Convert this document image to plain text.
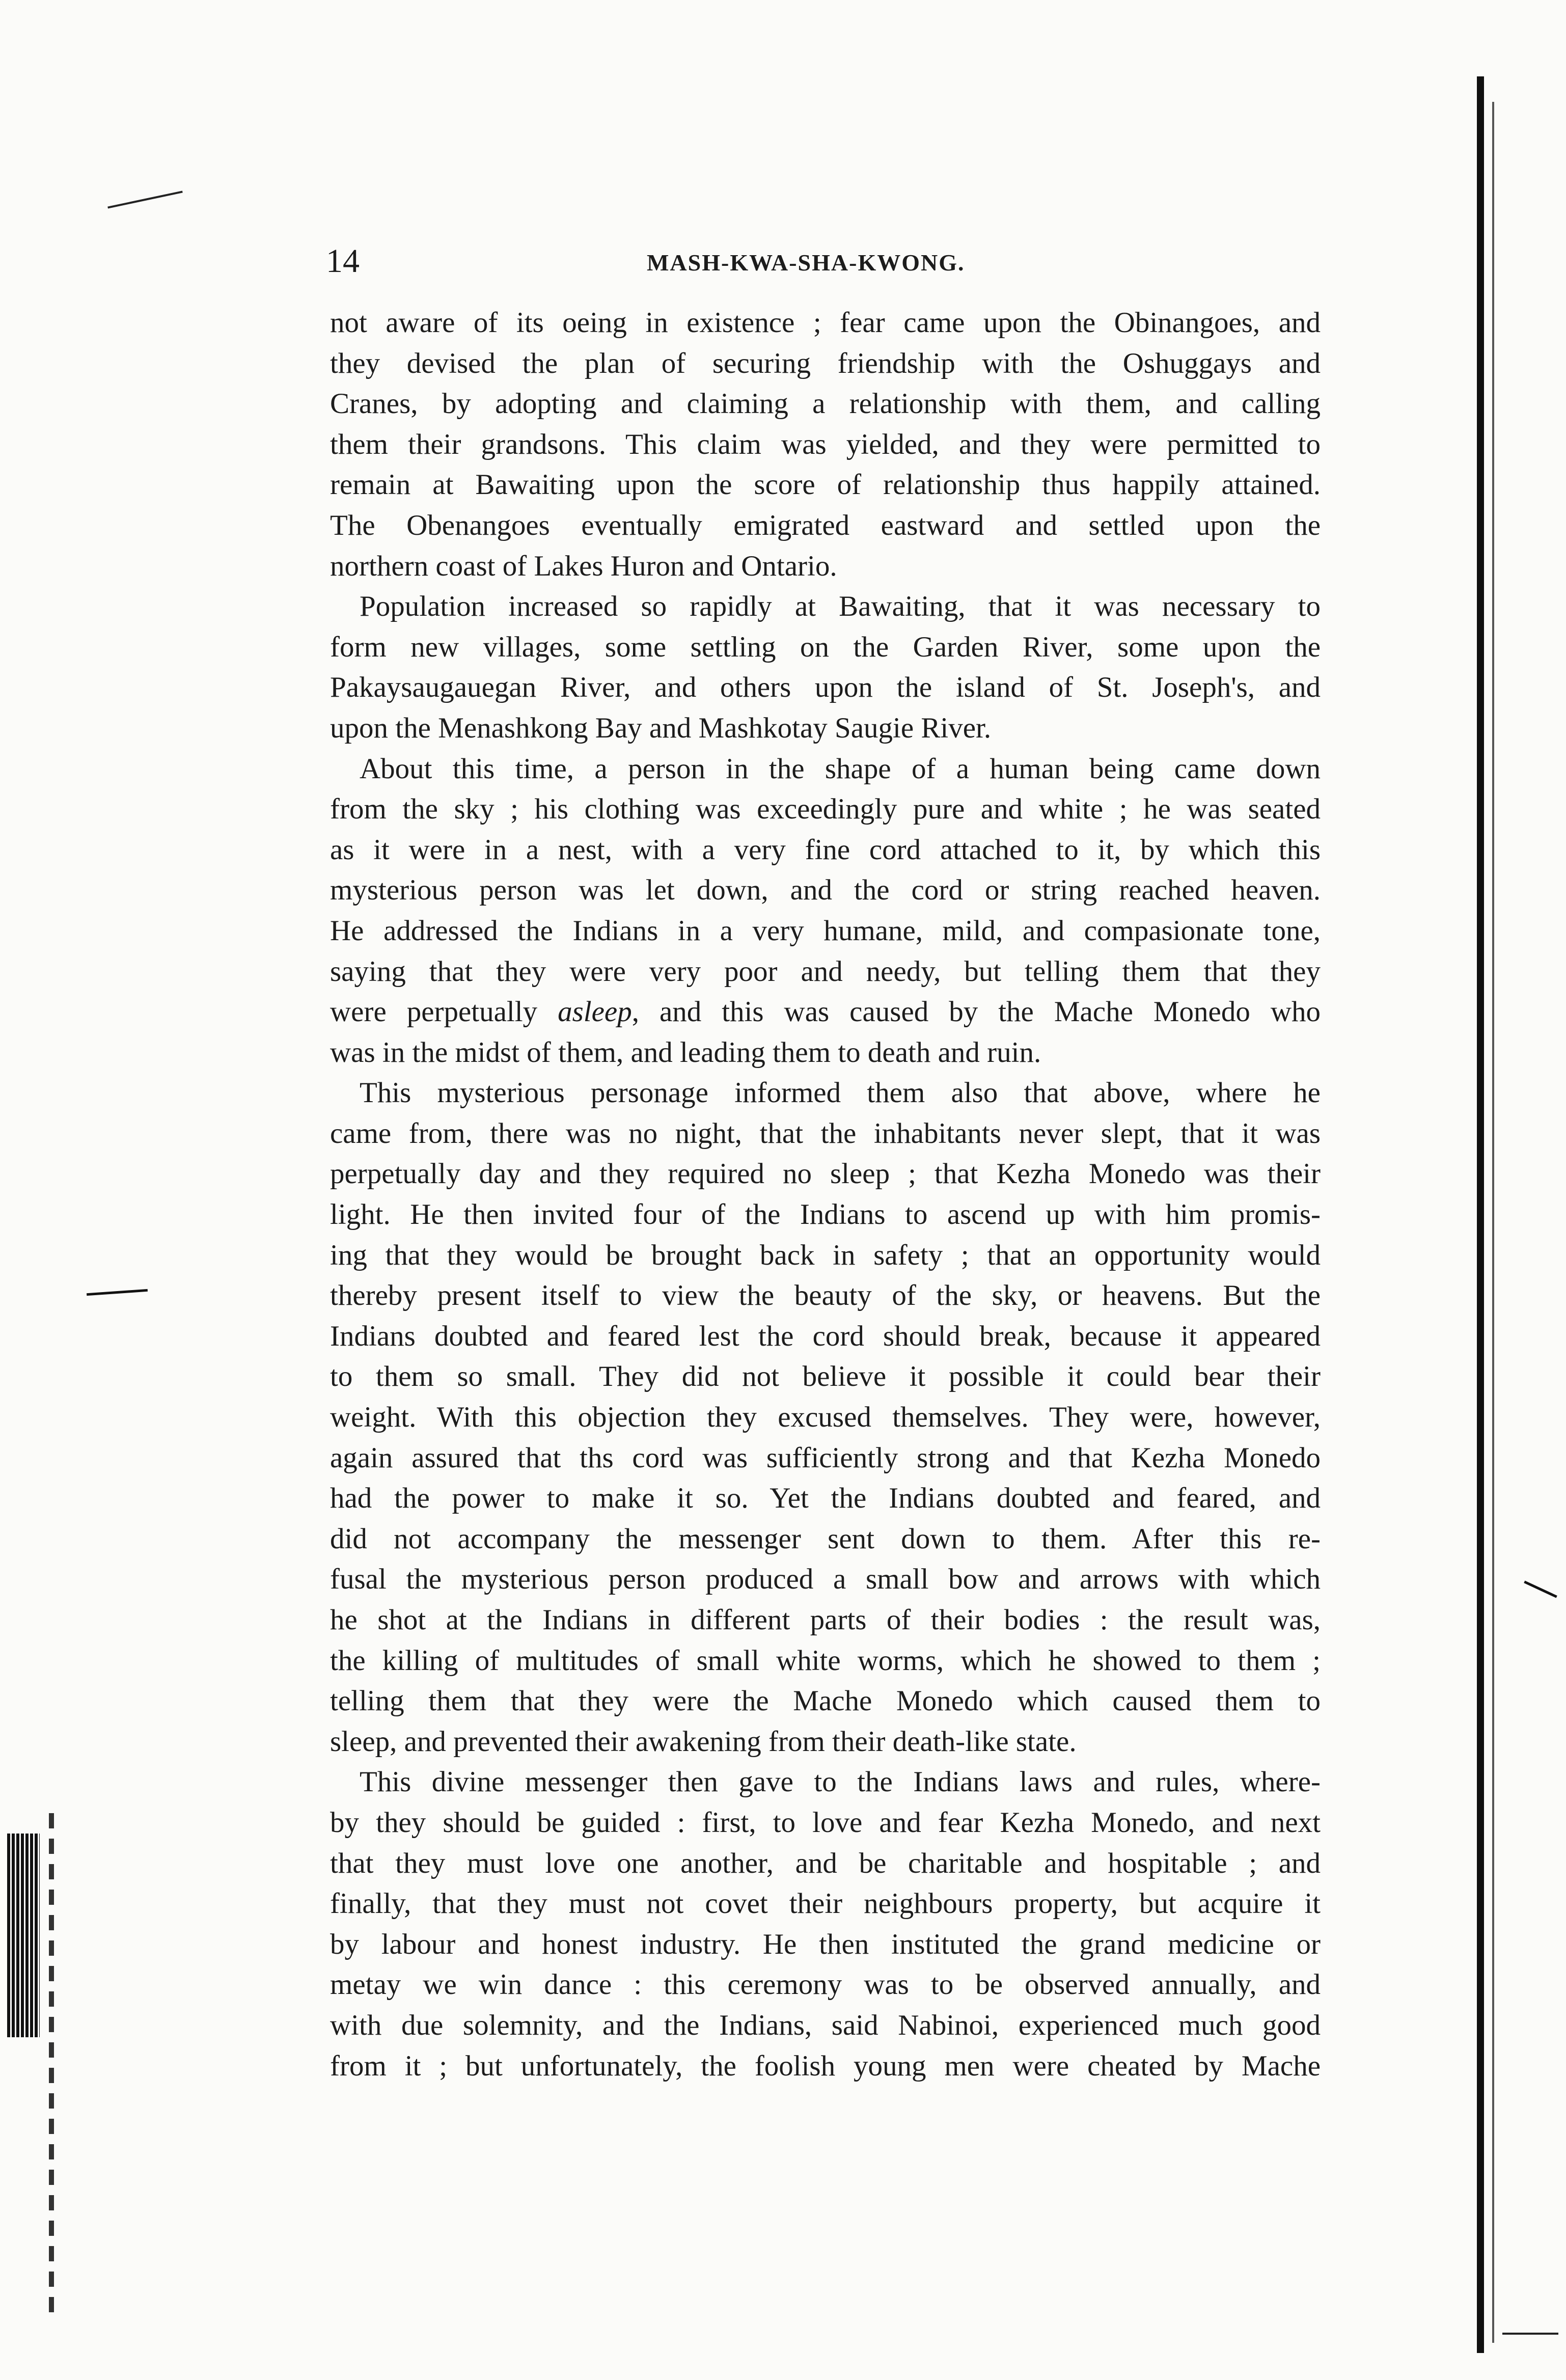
14	MASH-KWA-SHA-KWONG.
not aware of its oeing in existence ; fear came upon the Obinangoes, and
they devised the plan of securing friendship with the Oshuggays and
Cranes, by adopting and claiming a relationship with them, and calling
them their grandsons. This claim was yielded, and they were permitted to
remain at Bawaiting upon the score of relationship thus happily attained.
The Obenangoes eventually emigrated eastward and settled upon the
northern coast of Lakes Huron and Ontario.
Population increased so rapidly at Bawaiting, that it was necessary to
form new villages, some settling on the Garden River, some upon the
Pakaysaugauegan River, and others upon the island of St. Joseph's, and
upon the Menashkong Bay and Mashkotay Saugie River.
About this time, a person in the shape of a human being came down
from the sky ; his clothing was exceedingly pure and white ; he was seated
as it were in a nest, with a very fine cord attached to it, by which this
mysterious person was let down, and the cord or string reached heaven.
He addressed the Indians in a very humane, mild, and compasionate tone,
saying that they were very poor and needy, but telling them that they
were perpetually asleep, and this was caused by the Mache Monedo who
was in the midst of them, and leading them to death and ruin.
This mysterious personage informed them also that above, where he
came from, there was no night, that the inhabitants never slept, that it was
perpetually day and they required no sleep ; that Kezha Monedo was their
light. He then invited four of the Indians to ascend up with him promis-
ing that they would be brought back in safety ; that an opportunity would
thereby present itself to view the beauty of the sky, or heavens. But the
Indians doubted and feared lest the cord should break, because it appeared
to them so small. They did not believe it possible it could bear their
weight. With this objection they excused themselves. They were, however,
again assured that ths cord was sufficiently strong and that Kezha Monedo
had the power to make it so. Yet the Indians doubted and feared, and
did not accompany the messenger sent down to them. After this re-
fusal the mysterious person produced a small bow and arrows with which
he shot at the Indians in different parts of their bodies : the result was,
the killing of multitudes of small white worms, which he showed to them ;
telling them that they were the Mache Monedo which caused them to
sleep, and prevented their awakening from their death-like state.
This divine messenger then gave to the Indians laws and rules, where-
by they should be guided : first, to love and fear Kezha Monedo, and next
that they must love one another, and be charitable and hospitable ; and
finally, that they must not covet their neighbours property, but acquire it
by labour and honest industry. He then instituted the grand medicine or
metay we win dance : this ceremony was to be observed annually, and
with due solemnity, and the Indians, said Nabinoi, experienced much good
from it ; but unfortunately, the foolish young men were cheated by Mache
